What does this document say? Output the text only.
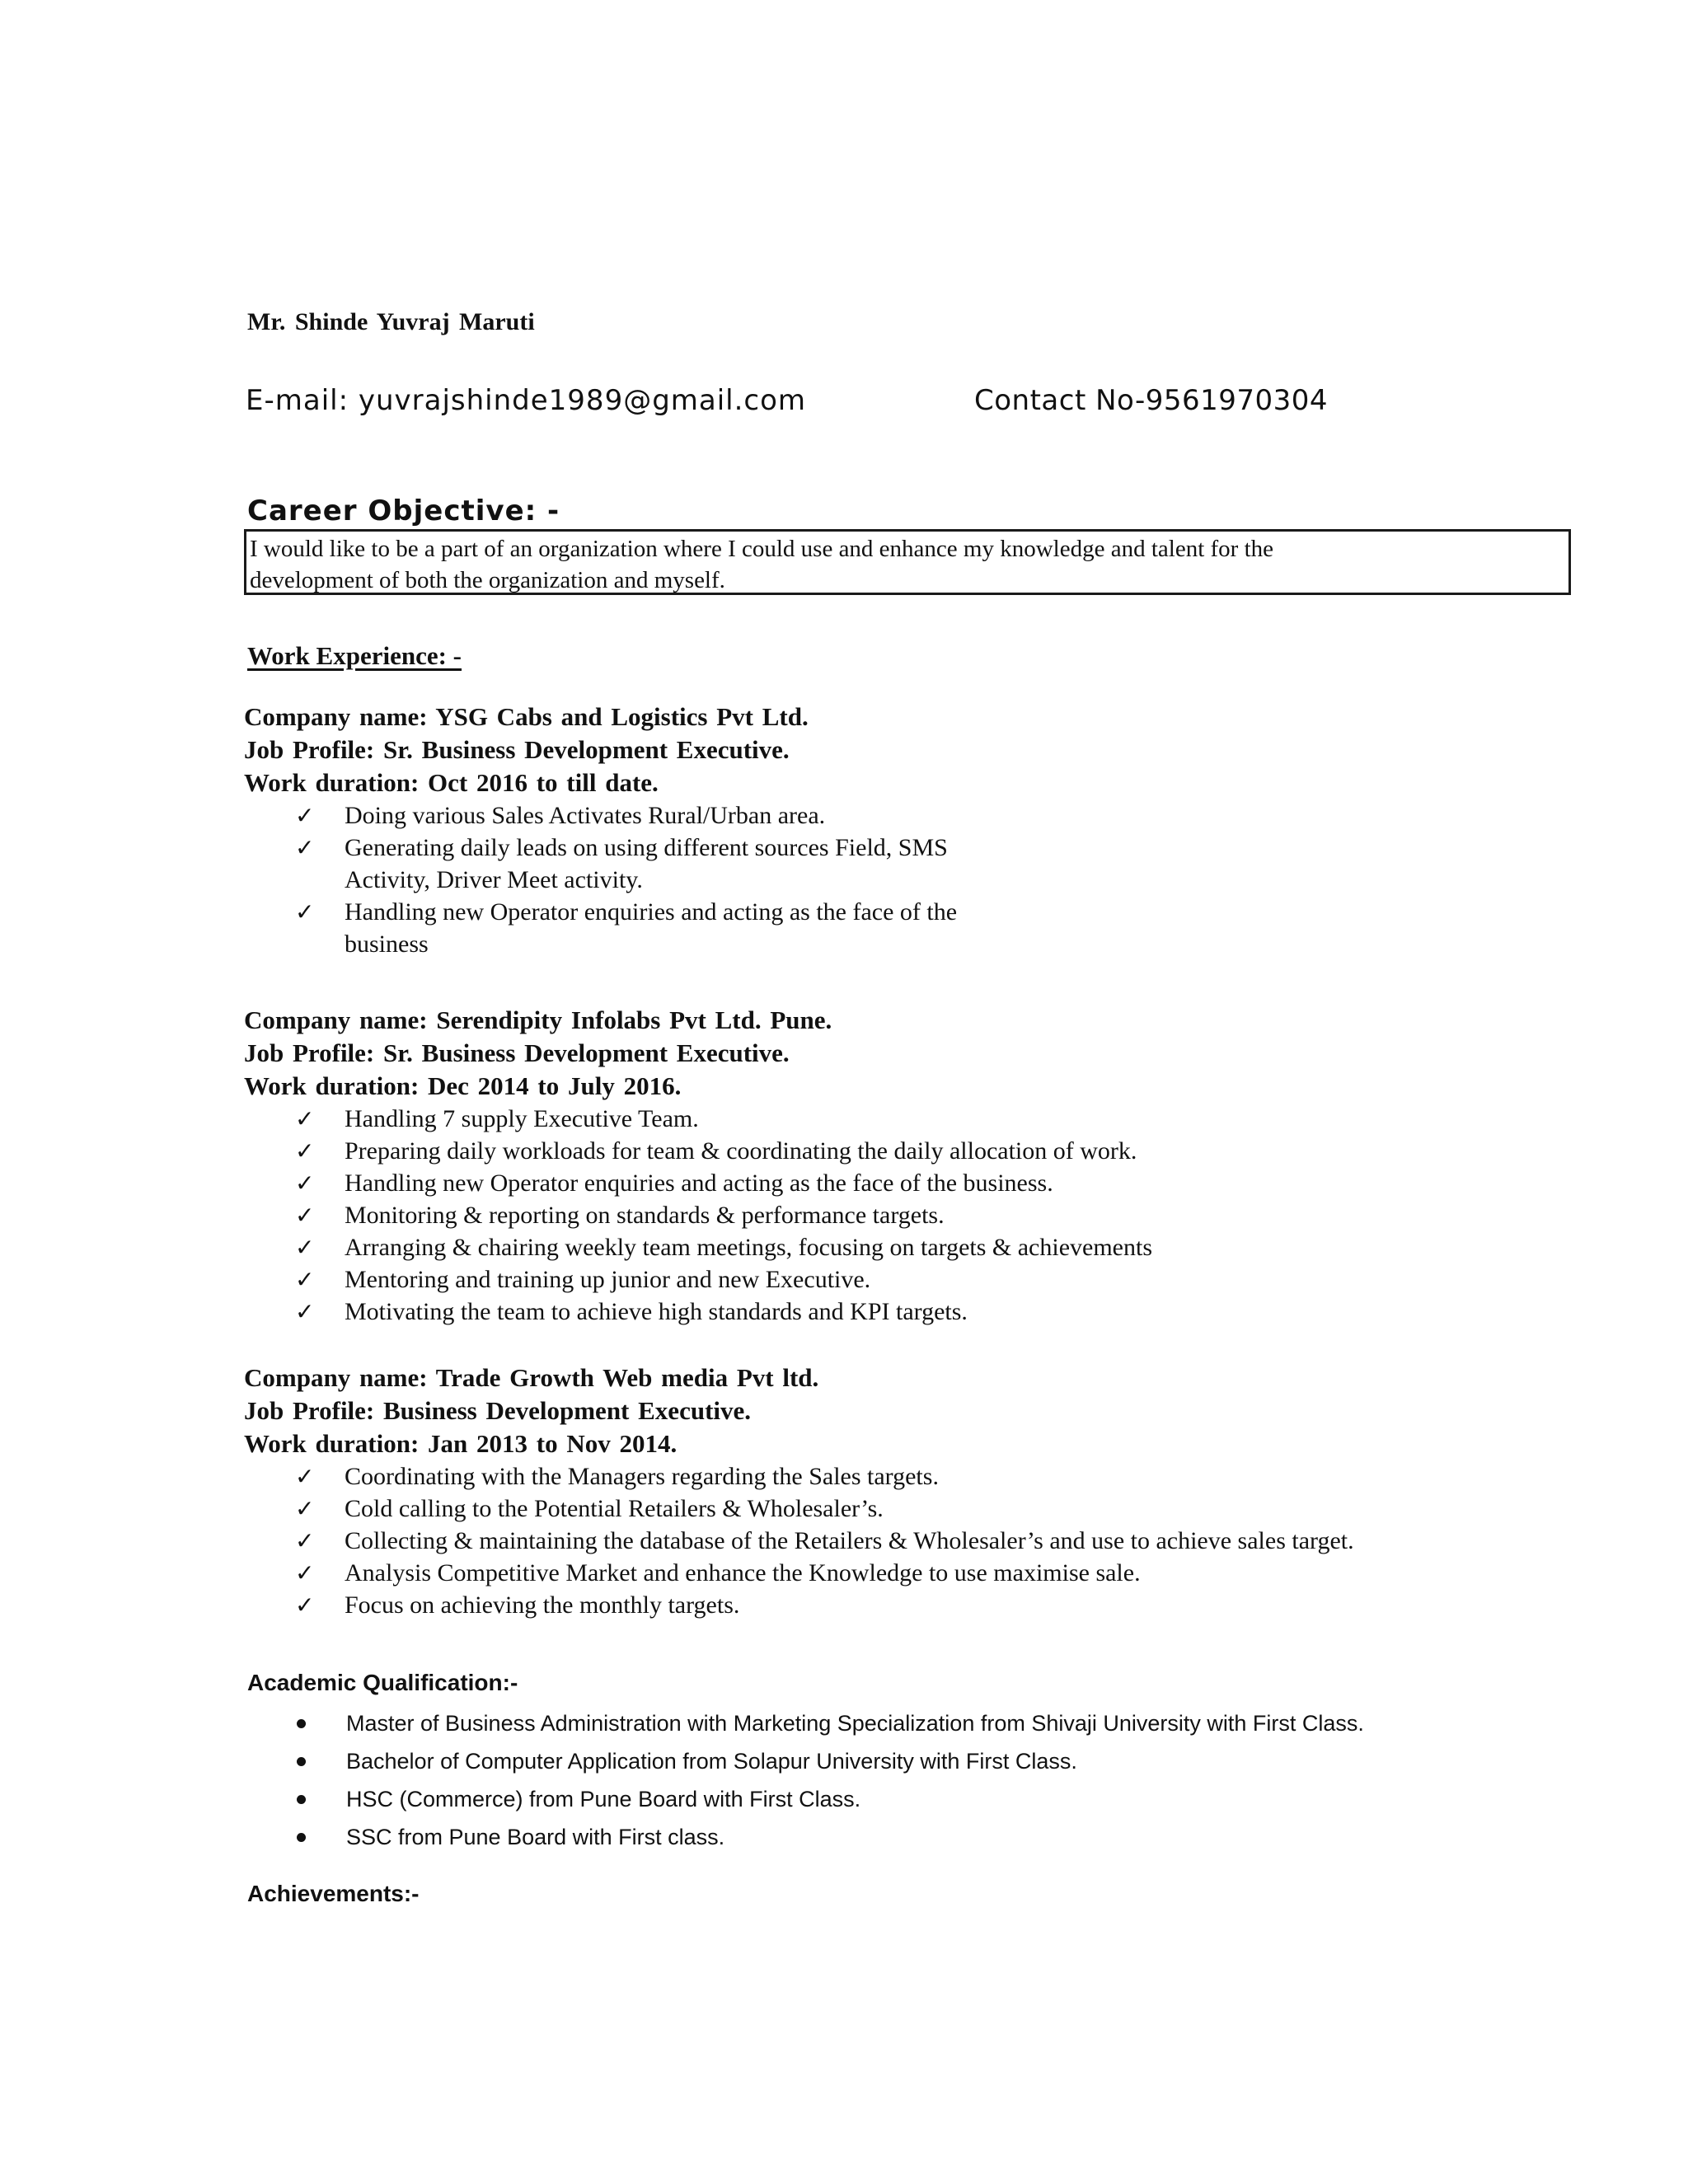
Mr. Shinde Yuvraj Maruti
E-mail: yuvrajshinde1989@gmail.com	Contact No-9561970304
Career Objective: -
I would like to be a part of an organization where I could use and enhance my knowledge and talent for the
development of both the organization and myself.
Work Experience: -
Company name: YSG Cabs and Logistics Pvt Ltd.
Job Profile: Sr. Business Development Executive.
Work duration: Oct 2016 to till date.
✓ Doing various Sales Activates Rural/Urban area.
✓ Generating daily leads on using different sources Field, SMS
Activity, Driver Meet activity.
✓ Handling new Operator enquiries and acting as the face of the
business
Company name: Serendipity Infolabs Pvt Ltd. Pune.
Job Profile: Sr. Business Development Executive.
Work duration: Dec 2014 to July 2016.
✓ Handling 7 supply Executive Team.
✓ Preparing daily workloads for team & coordinating the daily allocation of work.
✓ Handling new Operator enquiries and acting as the face of the business.
✓ Monitoring & reporting on standards & performance targets.
✓ Arranging & chairing weekly team meetings, focusing on targets & achievements
✓ Mentoring and training up junior and new Executive.
✓ Motivating the team to achieve high standards and KPI targets.
Company name: Trade Growth Web media Pvt ltd.
Job Profile: Business Development Executive.
Work duration: Jan 2013 to Nov 2014.
✓ Coordinating with the Managers regarding the Sales targets.
✓ Cold calling to the Potential Retailers & Wholesaler’s.
✓ Collecting & maintaining the database of the Retailers & Wholesaler’s and use to achieve sales target.
✓ Analysis Competitive Market and enhance the Knowledge to use maximise sale.
✓ Focus on achieving the monthly targets.
Academic Qualification:-
Master of Business Administration with Marketing Specialization from Shivaji University with First Class.
Bachelor of Computer Application from Solapur University with First Class.
HSC (Commerce) from Pune Board with First Class.
SSC from Pune Board with First class.
Achievements:-
